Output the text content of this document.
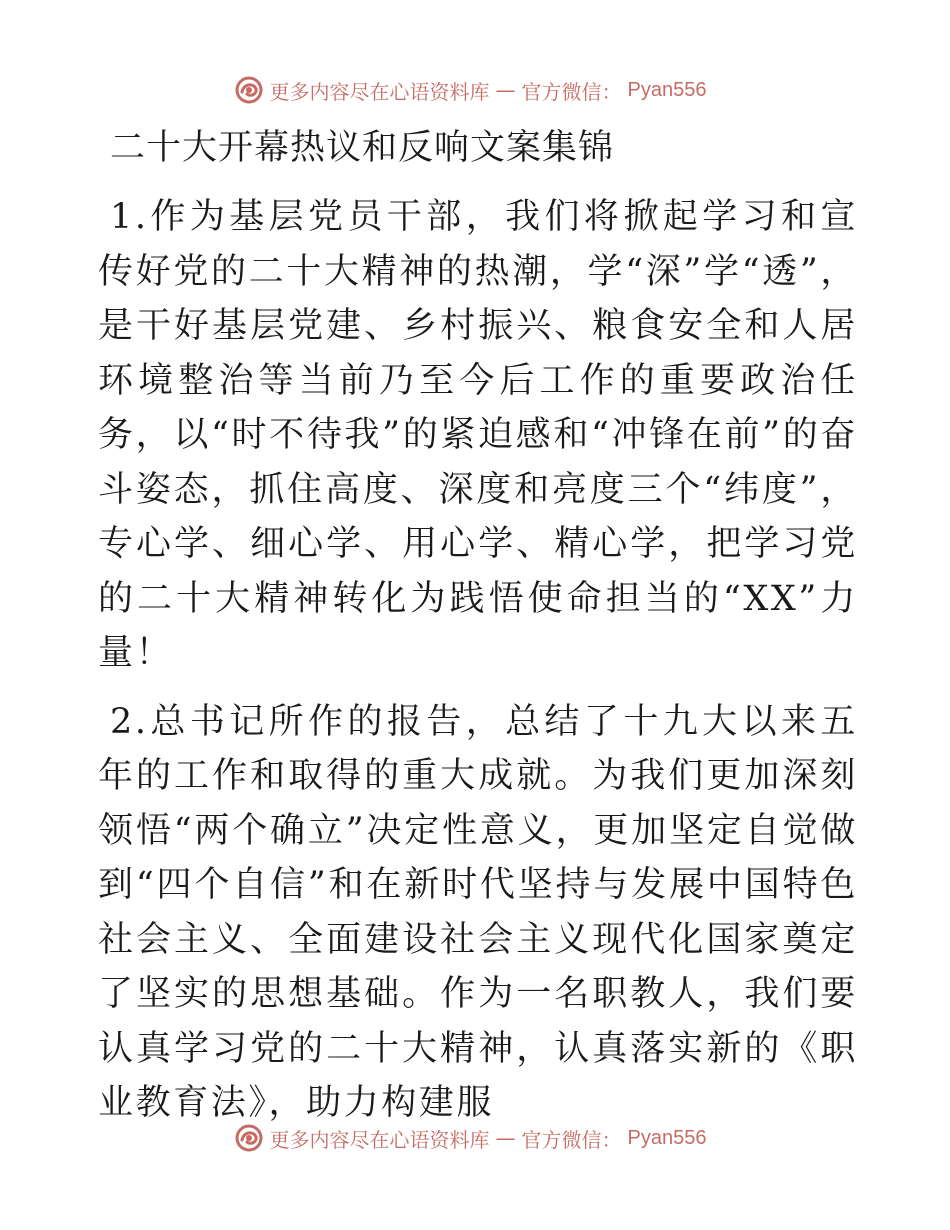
更多内容尽在心语资料库 — 官方微信： Pyan556
二十大开幕热议和反响文案集锦

1.作为基层党员干部，我们将掀起学习和宣传好党的二十大精神的热潮，学“深”学“透”，是干好基层党建、乡村振兴、粮食安全和人居环境整治等当前乃至今后工作的重要政治任务，以“时不待我”的紧迫感和“冲锋在前”的奋斗姿态，抓住高度、深度和亮度三个“纬度”，专心学、细心学、用心学、精心学，把学习党的二十大精神转化为践悟使命担当的“XX”力量！

2.总书记所作的报告，总结了十九大以来五年的工作和取得的重大成就。为我们更加深刻领悟“两个确立”决定性意义，更加坚定自觉做到“四个自信”和在新时代坚持与发展中国特色社会主义、全面建设社会主义现代化国家奠定了坚实的思想基础。作为一名职教人，我们要认真学习党的二十大精神，认真落实新的《职业教育法》，助力构建服

更多内容尽在心语资料库 — 官方微信： Pyan556
